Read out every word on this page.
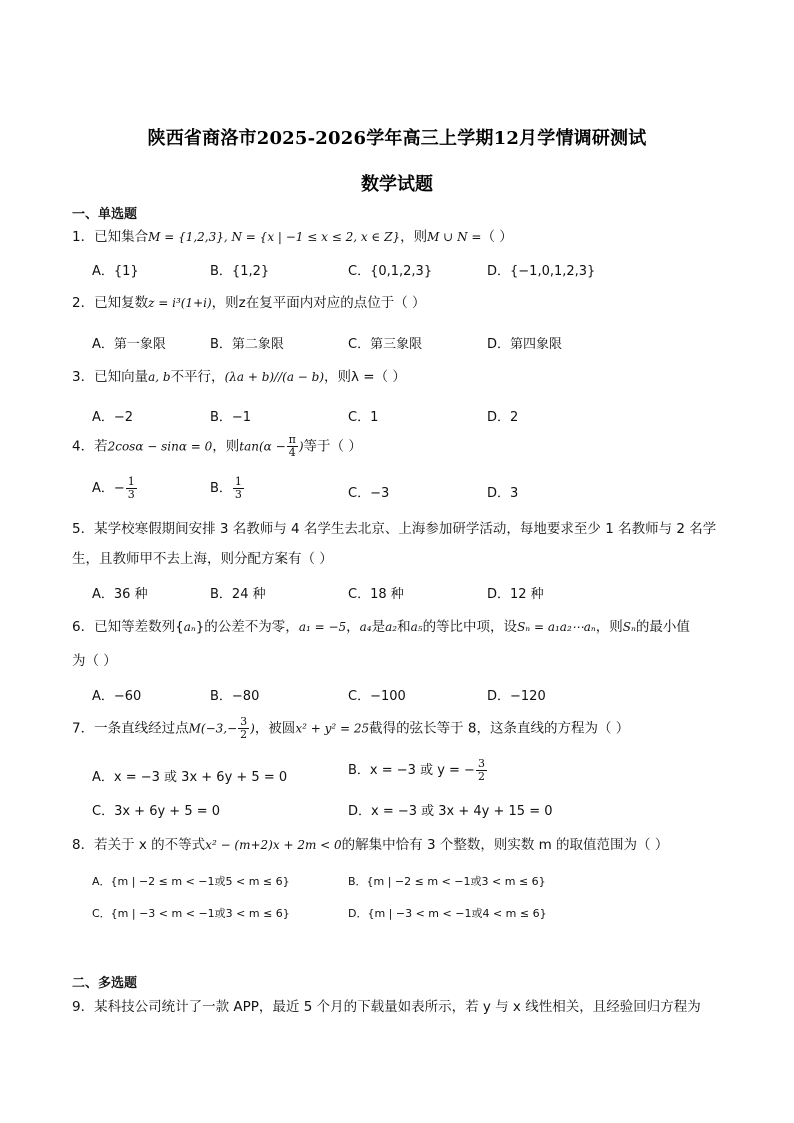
陕西省商洛市2025-2026学年高三上学期12月学情调研测试
数学试题
一、单选题
1．已知集合M = {1,2,3}, N = {x | −1 ≤ x ≤ 2, x ∈ Z}，则M ∪ N =（ ）
A．{1}	B．{1,2}	C．{0,1,2,3}	D．{−1,0,1,2,3}
2．已知复数z = i³(1+i)，则z在复平面内对应的点位于（ ）
A．第一象限	B．第二象限	C．第三象限	D．第四象限
3．已知向量a, b不平行，(λa + b)//(a − b)，则λ =（ ）
A．−2	B．−1	C．1	D．2
4．若2cosα − sinα = 0，则$\tan(\alpha - \frac{\pi}{4}$ )等于（ ）
A．− $\frac{1}{3}$	B． $\frac{1}{3}$	C．−3	D．3
5．某学校寒假期间安排 3 名教师与 4 名学生去北京、上海参加研学活动，每地要求至少 1 名教师与 2 名学
生，且教师甲不去上海，则分配方案有（ ）
A．36 种	B．24 种	C．18 种	D．12 种
6．已知等差数列{aₙ}的公差不为零，a₁ = −5，a₄是a₂和a₅的等比中项，设Sₙ = a₁a₂⋯aₙ，则Sₙ的最小值
为（ ）
A．−60	B．−80	C．−100	D．−120
7．一条直线经过点$M(-3,- \frac{3}{2}$ )，被圆x² + y² = 25截得的弦长等于 8，这条直线的方程为（ ）
A．x = −3 或 3x + 6y + 5 = 0	B．x = −3 或 y = − $\frac{3}{2}$
C．3x + 6y + 5 = 0	D．x = −3 或 3x + 4y + 15 = 0
8．若关于 x 的不等式x² − (m+2)x + 2m < 0的解集中恰有 3 个整数，则实数 m 的取值范围为（ ）
A．{m | −2 ≤ m < −1或5 < m ≤ 6}	B．{m | −2 ≤ m < −1或3 < m ≤ 6}
C．{m | −3 < m < −1或3 < m ≤ 6}	D．{m | −3 < m < −1或4 < m ≤ 6}
二、多选题
9．某科技公司统计了一款 APP，最近 5 个月的下载量如表所示，若 y 与 x 线性相关，且经验回归方程为
